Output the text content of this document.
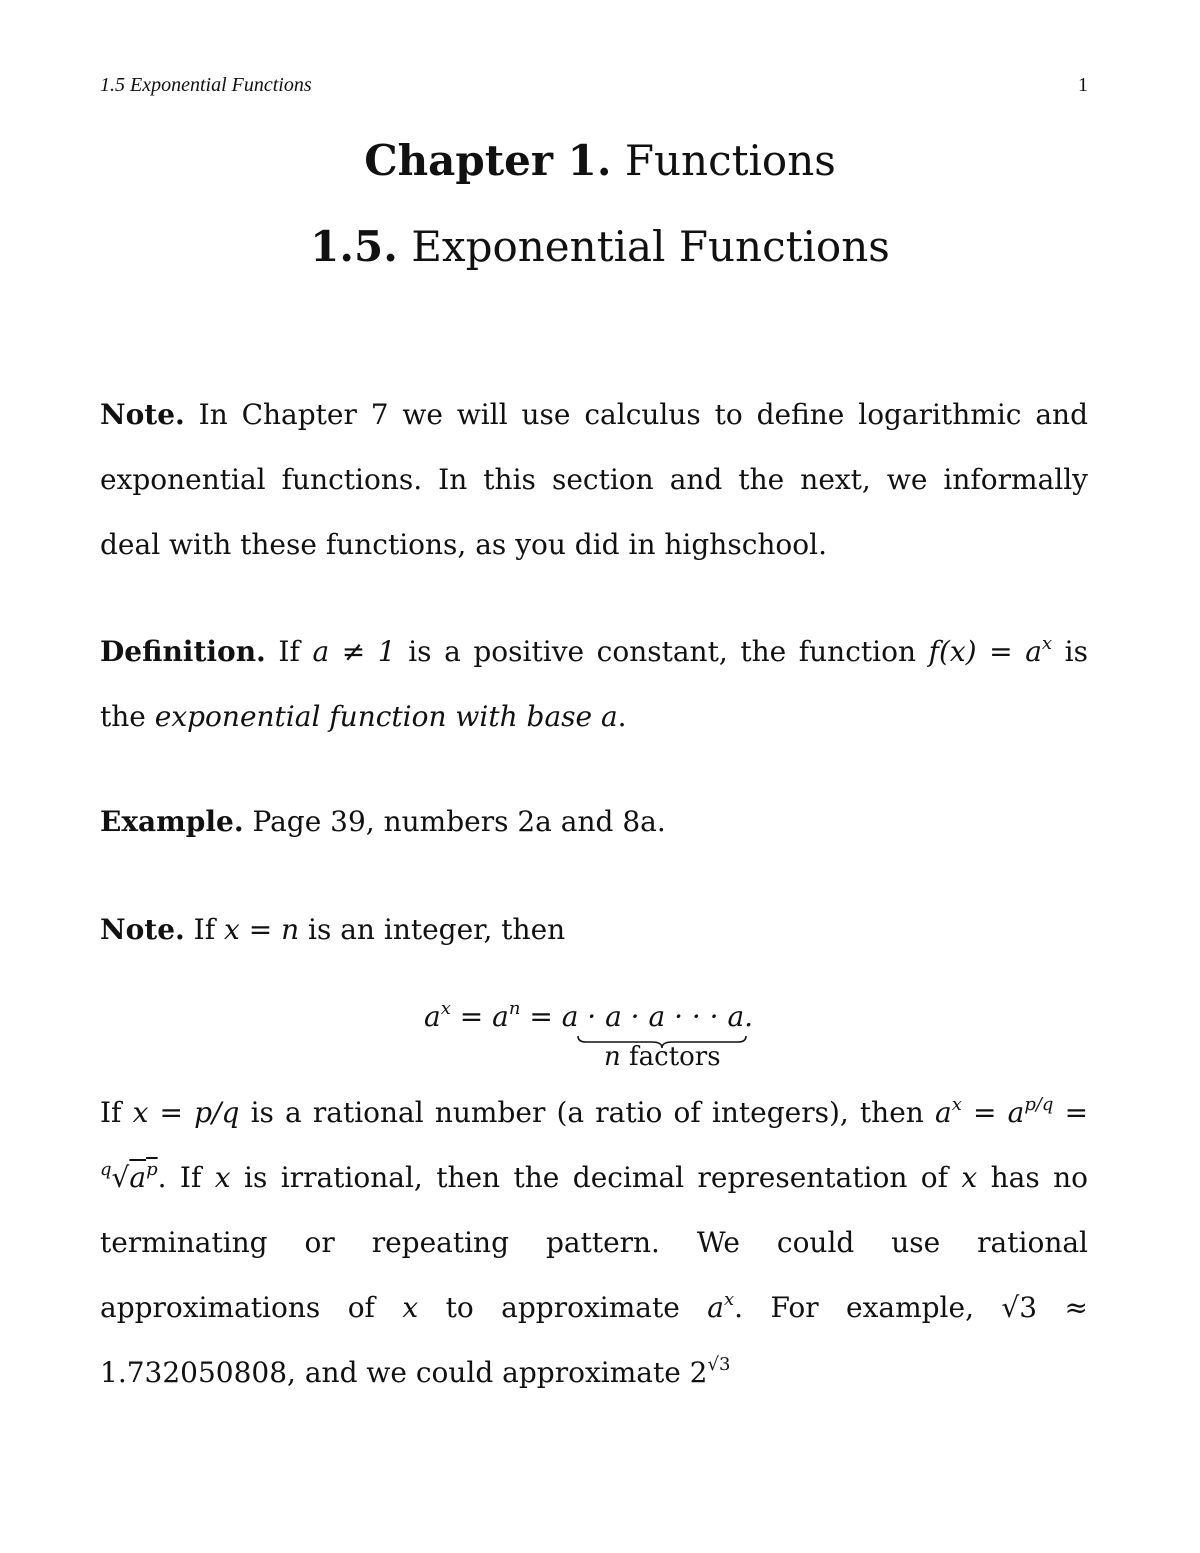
1.5 Exponential Functions	1
Chapter 1. Functions
1.5. Exponential Functions
Note. In Chapter 7 we will use calculus to define logarithmic and exponential functions. In this section and the next, we informally deal with these functions, as you did in highschool.
Definition. If a ≠ 1 is a positive constant, the function $f(x) = a^x$ is the exponential function with base a.
Example. Page 39, numbers 2a and 8a.
Note. If x = n is an integer, then
$a^x = a^n = a \cdot a \cdot a$ · · · a.
n factors
If x = p/q is a rational number (a ratio of integers), then $a^x = a^{p/q} = ^q√a^p$. If x is irrational, then the decimal representation of x has no terminating or repeating pattern. We could use rational approximations of x to approximate $a^x$. For example, √3 ≈ 1.732050808, and we could approximate $2^{√3}$
